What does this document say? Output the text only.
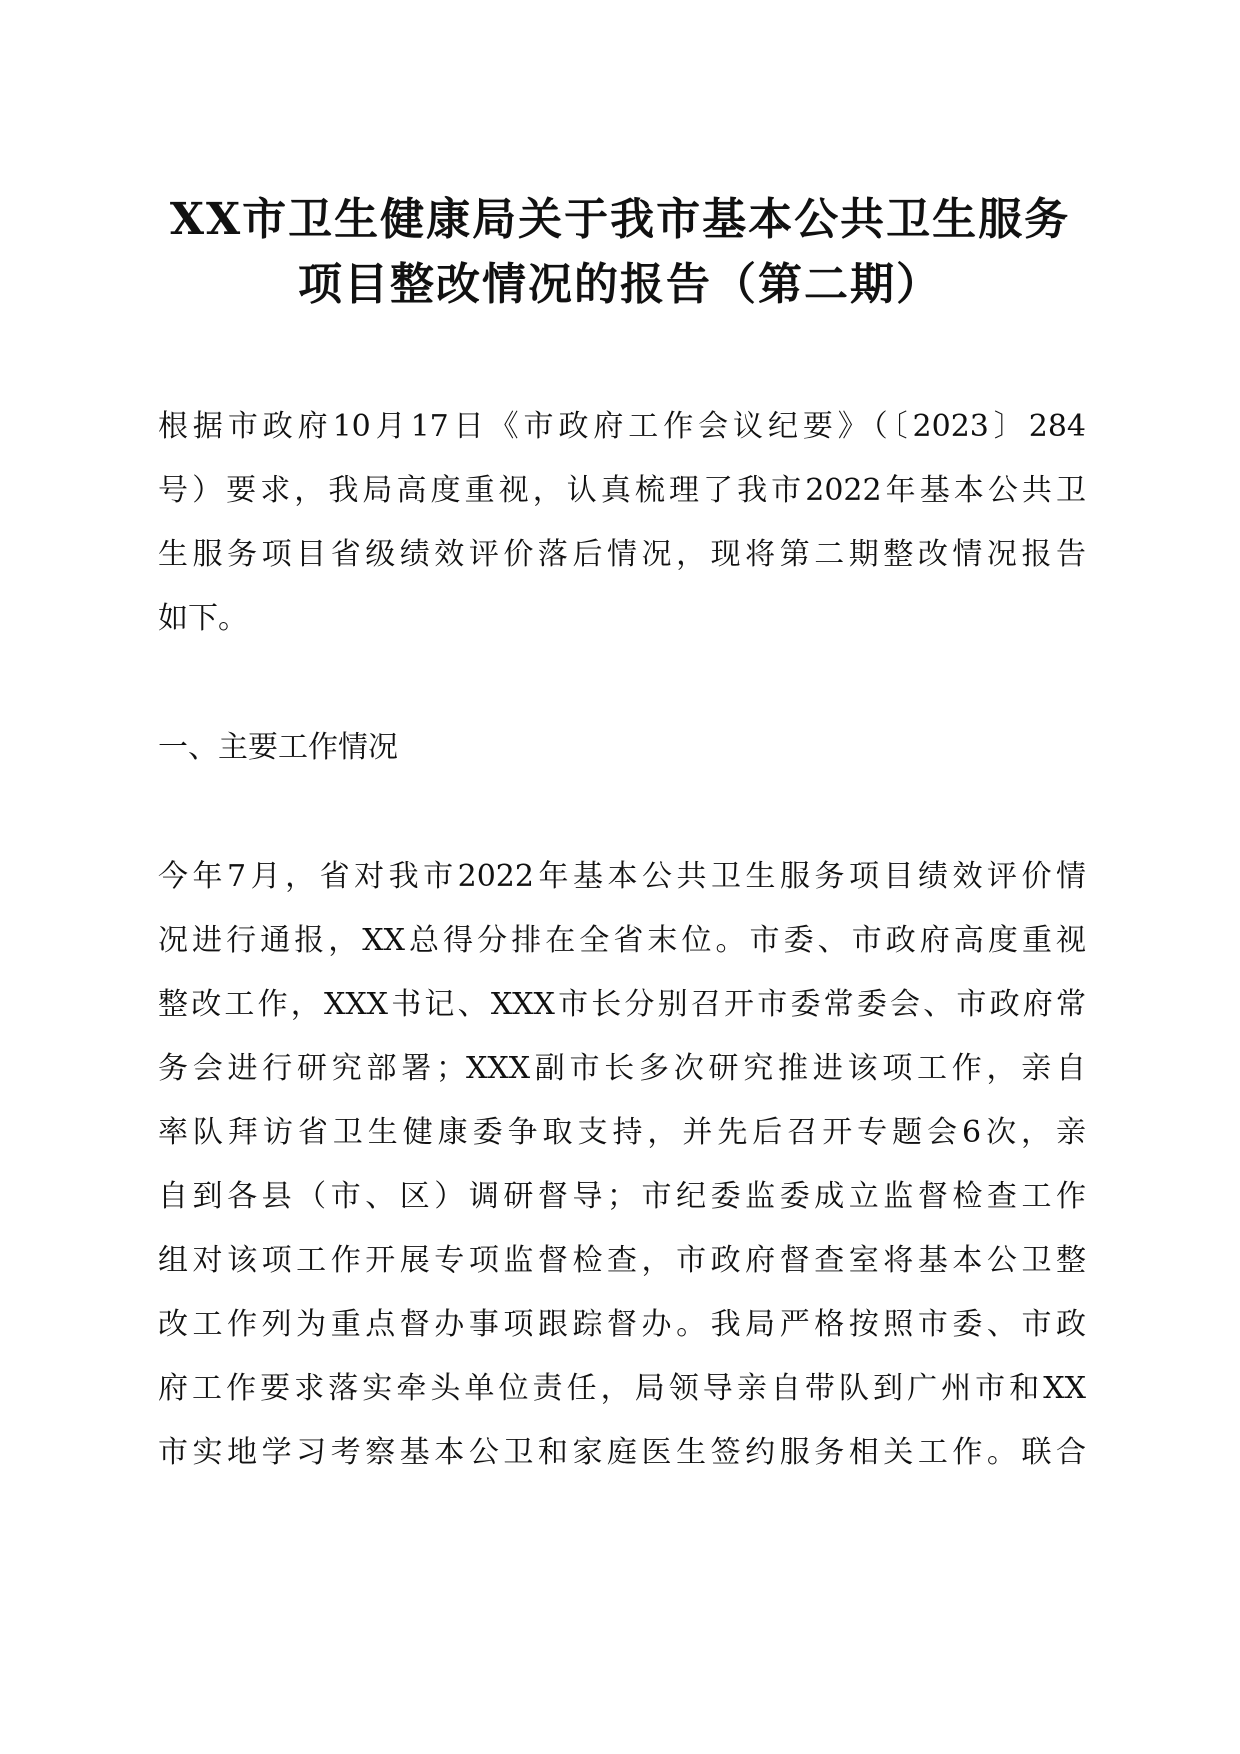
XX市卫生健康局关于我市基本公共卫生服务
项目整改情况的报告（第二期）
根据市政府10月17日《市政府工作会议纪要》（〔2023〕284
号）要求，我局高度重视，认真梳理了我市2022年基本公共卫
生服务项目省级绩效评价落后情况，现将第二期整改情况报告
如下。
一、主要工作情况
今年7月，省对我市2022年基本公共卫生服务项目绩效评价情
况进行通报，XX总得分排在全省末位。市委、市政府高度重视
整改工作，XXX书记、XXX市长分别召开市委常委会、市政府常
务会进行研究部署；XXX副市长多次研究推进该项工作，亲自
率队拜访省卫生健康委争取支持，并先后召开专题会6次，亲
自到各县（市、区）调研督导；市纪委监委成立监督检查工作
组对该项工作开展专项监督检查，市政府督查室将基本公卫整
改工作列为重点督办事项跟踪督办。我局严格按照市委、市政
府工作要求落实牵头单位责任，局领导亲自带队到广州市和XX
市实地学习考察基本公卫和家庭医生签约服务相关工作。联合
